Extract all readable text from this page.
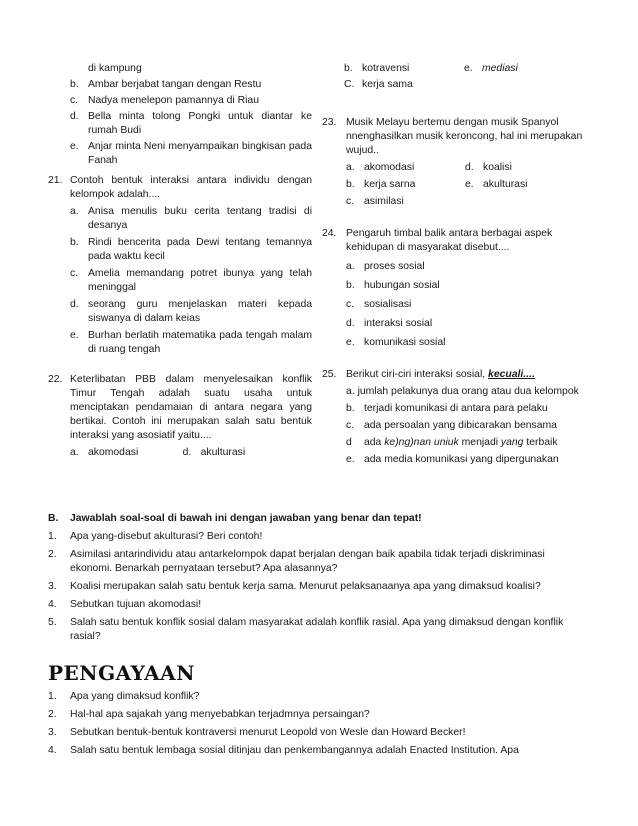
di kampung
b. Ambar berjabat tangan dengan Restu
c. Nadya menelepon pamannya di Riau
d. Bella minta tolong Pongki untuk diantar ke rumah Budi
e. Anjar minta Neni menyampaikan bingkisan pada Fanah
21. Contoh bentuk interaksi antara individu dengan kelompok adalah....
a. Anisa menulis buku cerita tentang tradisi di desanya
b. Rindi bencerita pada Dewi tentang temannya pada waktu kecil
c. Amelia memandang potret ibunya yang telah meninggal
d. seorang guru menjelaskan materi kepada siswanya di dalam keias
e. Burhan berlatih matematika pada tengah malam di ruang tengah
22. Keterlibatan PBB dalam menyelesaikan konflik Timur Tengah adalah suatu usaha untuk menciptakan pendamaian di antara negara yang bertikai. Contoh ini merupakan salah satu bentuk interaksi yang asosiatif yaitu....
a. akomodasi	d. akulturasi
b. kotravensi	e. mediasi
C. kerja sama
23. Musik Melayu bertemu dengan musik Spanyol nnenghasilkan musik keroncong, hal ini merupakan wujud..
a. akomodasi	d. koalisi
b. kerja sarna	e. akulturasi
c. asimilasi
24. Pengaruh timbal balik antara berbagai aspek kehidupan di masyarakat disebut....
a. proses sosial
b. hubungan sosial
c. sosialisasi
d. interaksi sosial
e. komunikasi sosial
25. Berikut ciri-ciri interaksi sosial, kecuali....
a. jumlah pelakunya dua orang atau dua kelompok
b. terjadi komunikasi di antara para pelaku
c. ada persoalan yang dibicarakan bensama
d ada ke)ng)nan uniuk menjadi yang terbaik
e. ada media komunikasi yang dipergunakan
B. Jawablah soal-soal di bawah ini dengan jawaban yang benar dan tepat!
1. Apa yang-disebut akulturasi? Beri contoh!
2. Asimilasi antarindividu atau antarkelompok dapat berjalan dengan baik apabila tidak terjadi diskriminasi ekonomi. Benarkah pernyataan tersebut? Apa alasannya?
3. Koalisi merupakan salah satu bentuk kerja sama. Menurut pelaksanaanya apa yang dimaksud koalisi?
4. Sebutkan tujuan akomodasi!
5. Salah satu bentuk konflik sosial dalam masyarakat adalah konflik rasial. Apa yang dimaksud dengan konflik rasial?
PENGAYAAN
1. Apa yang dimaksud konflik?
2. Hal-hal apa sajakah yang menyebabkan terjadmnya persaingan?
3. Sebutkan bentuk-bentuk kontraversi menurut Leopold von Wesle dan Howard Becker!
4. Salah satu bentuk lembaga sosial ditinjau dan penkembangannya adalah Enacted Institution. Apa
